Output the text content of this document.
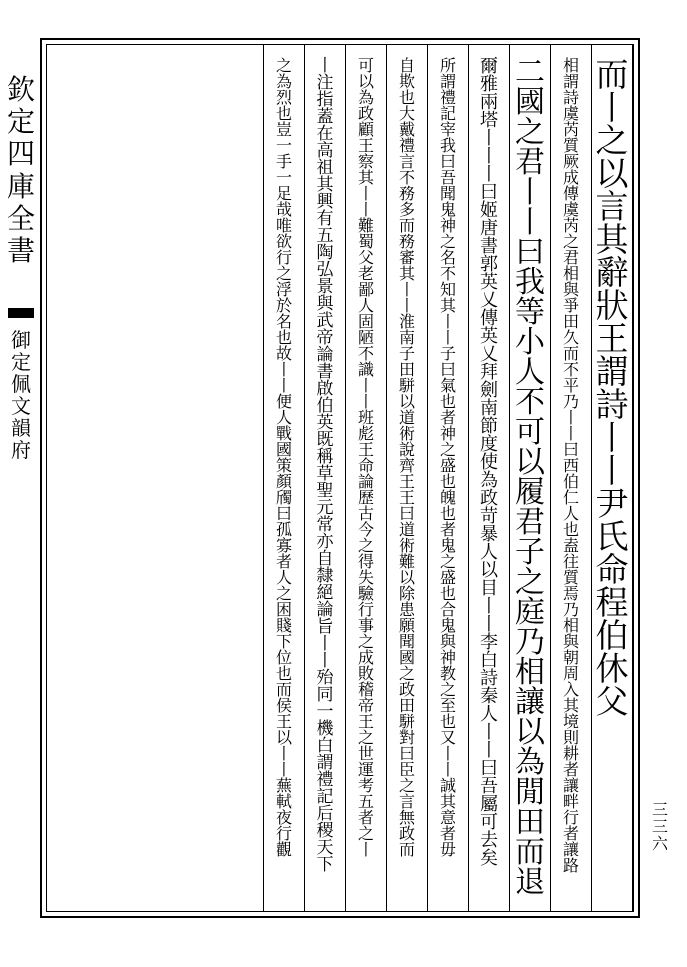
欽定四庫全書
御定佩文韻府
而
丨
之
以
言
其
辭
狀
王
謂
詩
丨
丨
尹
氏
命
程
伯
休
父
相
謂
詩
虞
芮
質
厥
成
傳
虞
芮
之
君
相
與
爭
田
久
而
不
平
乃
丨
丨
曰
西
伯
仁
人
也
盍
往
質
焉
乃
相
與
朝
周
入
其
境
則
耕
者
讓
畔
行
者
讓
路
二
國
之
君
丨
丨
曰
我
等
小
人
不
可
以
履
君
子
之
庭
乃
相
讓
以
為
閒
田
而
退
爾
雅
兩
塔
丨
丨
丨
曰
姬
唐
書
郭
英
乂
傳
英
乂
拜
劍
南
節
度
使
為
政
苛
暴
人
以
目
丨
丨
李
白
詩
秦
人
丨
丨
曰
吾
屬
可
去
矣
所
謂
禮
記
宰
我
曰
吾
聞
鬼
神
之
名
不
知
其
丨
丨
子
曰
氣
也
者
神
之
盛
也
魄
也
者
鬼
之
盛
也
合
鬼
與
神
教
之
至
也
又
丨
丨
誠
其
意
者
毋
自
欺
也
大
戴
禮
言
不
務
多
而
務
審
其
丨
丨
淮
南
子
田
駢
以
道
術
說
齊
王
王
曰
道
術
難
以
除
患
願
聞
國
之
政
田
駢
對
曰
臣
之
言
無
政
而
可
以
為
政
顧
王
察
其
丨
丨
難
蜀
父
老
鄙
人
固
陋
不
識
丨
丨
班
彪
王
命
論
歷
古
今
之
得
失
驗
行
事
之
成
敗
稽
帝
王
之
世
運
考
五
者
之
丨
丨
注
指
蓋
在
高
祖
其
興
有
五
陶
弘
景
與
武
帝
論
書
啟
伯
英
既
稱
草
聖
元
常
亦
自
隸
絕
論
旨
丨
丨
殆
同
一
機
白
謂
禮
記
后
稷
天
下
之
為
烈
也
豈
一
手
一
足
哉
唯
欲
行
之
浮
於
名
也
故
丨
丨
便
人
戰
國
策
顏
斶
曰
孤
寡
者
人
之
困
賤
下
位
也
而
侯
王
以
丨
丨
蕪
軾
夜
行
觀
三三六
